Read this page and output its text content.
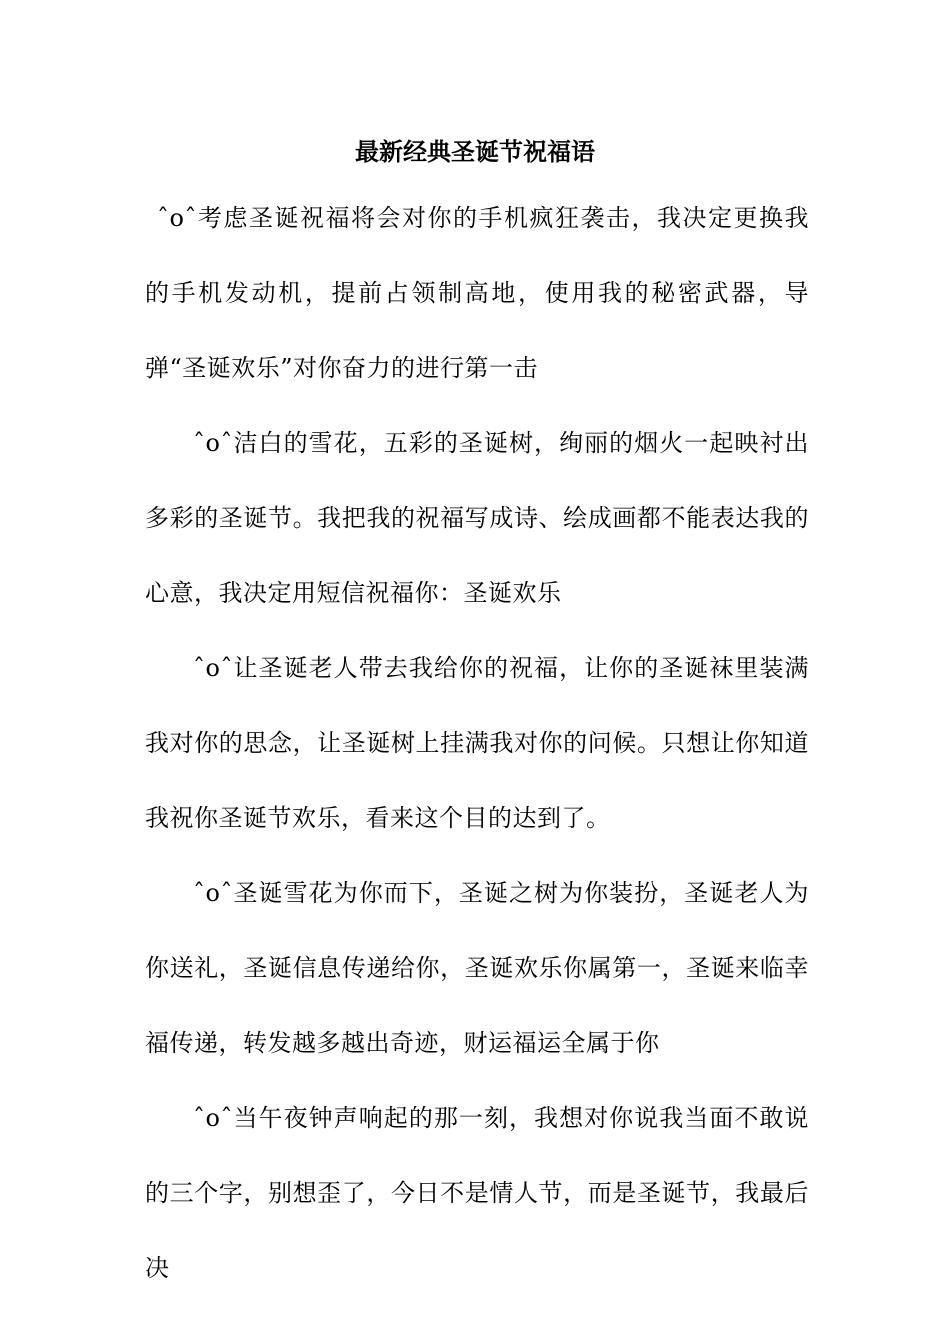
最新经典圣诞节祝福语

ˆoˆ考虑圣诞祝福将会对你的手机疯狂袭击，我决定更换我的手机发动机，提前占领制高地，使用我的秘密武器，导弹“圣诞欢乐”对你奋力的进行第一击

ˆoˆ洁白的雪花，五彩的圣诞树，绚丽的烟火一起映衬出多彩的圣诞节。我把我的祝福写成诗、绘成画都不能表达我的心意，我决定用短信祝福你：圣诞欢乐

ˆoˆ让圣诞老人带去我给你的祝福，让你的圣诞袜里装满我对你的思念，让圣诞树上挂满我对你的问候。只想让你知道我祝你圣诞节欢乐，看来这个目的达到了。

ˆoˆ圣诞雪花为你而下，圣诞之树为你装扮，圣诞老人为你送礼，圣诞信息传递给你，圣诞欢乐你属第一，圣诞来临幸福传递，转发越多越出奇迹，财运福运全属于你

ˆoˆ当午夜钟声响起的那一刻，我想对你说我当面不敢说的三个字，别想歪了，今日不是情人节，而是圣诞节，我最后决
